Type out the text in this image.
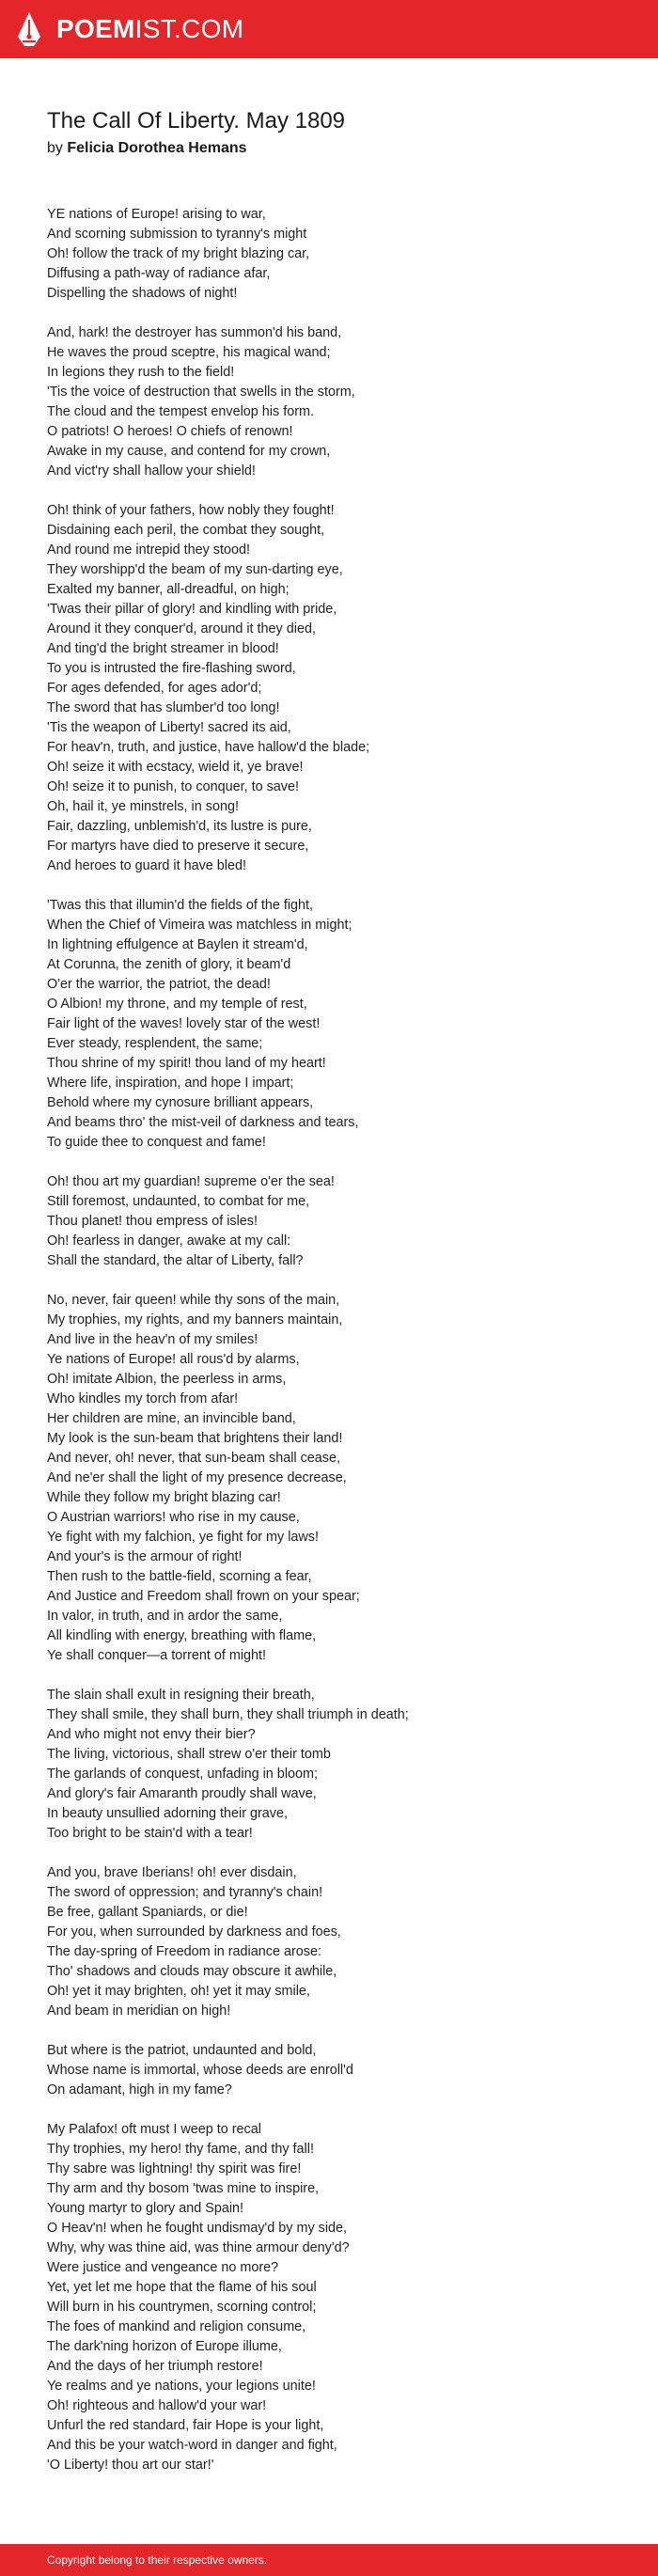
POEMIST.COM
The Call Of Liberty. May 1809
by Felicia Dorothea Hemans
YE nations of Europe! arising to war,
And scorning submission to tyranny's might
Oh! follow the track of my bright blazing car,
Diffusing a path-way of radiance afar,
Dispelling the shadows of night!
And, hark! the destroyer has summon'd his band,
He waves the proud sceptre, his magical wand;
In legions they rush to the field!
'Tis the voice of destruction that swells in the storm,
The cloud and the tempest envelop his form.
O patriots! O heroes! O chiefs of renown!
Awake in my cause, and contend for my crown,
And vict'ry shall hallow your shield!
Oh! think of your fathers, how nobly they fought!
Disdaining each peril, the combat they sought,
And round me intrepid they stood!
They worshipp'd the beam of my sun-darting eye,
Exalted my banner, all-dreadful, on high;
'Twas their pillar of glory! and kindling with pride,
Around it they conquer'd, around it they died,
And ting'd the bright streamer in blood!
To you is intrusted the fire-flashing sword,
For ages defended, for ages ador'd;
The sword that has slumber'd too long!
'Tis the weapon of Liberty! sacred its aid,
For heav'n, truth, and justice, have hallow'd the blade;
Oh! seize it with ecstacy, wield it, ye brave!
Oh! seize it to punish, to conquer, to save!
Oh, hail it, ye minstrels, in song!
Fair, dazzling, unblemish'd, its lustre is pure,
For martyrs have died to preserve it secure,
And heroes to guard it have bled!
'Twas this that illumin'd the fields of the fight,
When the Chief of Vimeira was matchless in might;
In lightning effulgence at Baylen it stream'd,
At Corunna, the zenith of glory, it beam'd
O'er the warrior, the patriot, the dead!
O Albion! my throne, and my temple of rest,
Fair light of the waves! lovely star of the west!
Ever steady, resplendent, the same;
Thou shrine of my spirit! thou land of my heart!
Where life, inspiration, and hope I impart;
Behold where my cynosure brilliant appears,
And beams thro' the mist-veil of darkness and tears,
To guide thee to conquest and fame!
Oh! thou art my guardian! supreme o'er the sea!
Still foremost, undaunted, to combat for me,
Thou planet! thou empress of isles!
Oh! fearless in danger, awake at my call:
Shall the standard, the altar of Liberty, fall?
No, never, fair queen! while thy sons of the main,
My trophies, my rights, and my banners maintain,
And live in the heav'n of my smiles!
Ye nations of Europe! all rous'd by alarms,
Oh! imitate Albion, the peerless in arms,
Who kindles my torch from afar!
Her children are mine, an invincible band,
My look is the sun-beam that brightens their land!
And never, oh! never, that sun-beam shall cease,
And ne'er shall the light of my presence decrease,
While they follow my bright blazing car!
O Austrian warriors! who rise in my cause,
Ye fight with my falchion, ye fight for my laws!
And your's is the armour of right!
Then rush to the battle-field, scorning a fear,
And Justice and Freedom shall frown on your spear;
In valor, in truth, and in ardor the same,
All kindling with energy, breathing with flame,
Ye shall conquer—a torrent of might!
The slain shall exult in resigning their breath,
They shall smile, they shall burn, they shall triumph in death;
And who might not envy their bier?
The living, victorious, shall strew o'er their tomb
The garlands of conquest, unfading in bloom;
And glory's fair Amaranth proudly shall wave,
In beauty unsullied adorning their grave,
Too bright to be stain'd with a tear!
And you, brave Iberians! oh! ever disdain,
The sword of oppression; and tyranny's chain!
Be free, gallant Spaniards, or die!
For you, when surrounded by darkness and foes,
The day-spring of Freedom in radiance arose:
Tho' shadows and clouds may obscure it awhile,
Oh! yet it may brighten, oh! yet it may smile,
And beam in meridian on high!
But where is the patriot, undaunted and bold,
Whose name is immortal, whose deeds are enroll'd
On adamant, high in my fame?
My Palafox! oft must I weep to recal
Thy trophies, my hero! thy fame, and thy fall!
Thy sabre was lightning! thy spirit was fire!
Thy arm and thy bosom 'twas mine to inspire,
Young martyr to glory and Spain!
O Heav'n! when he fought undismay'd by my side,
Why, why was thine aid, was thine armour deny'd?
Were justice and vengeance no more?
Yet, yet let me hope that the flame of his soul
Will burn in his countrymen, scorning control;
The foes of mankind and religion consume,
The dark'ning horizon of Europe illume,
And the days of her triumph restore!
Ye realms and ye nations, your legions unite!
Oh! righteous and hallow'd your war!
Unfurl the red standard, fair Hope is your light,
And this be your watch-word in danger and fight,
'O Liberty! thou art our star!'
Copyright belong to their respective owners.
